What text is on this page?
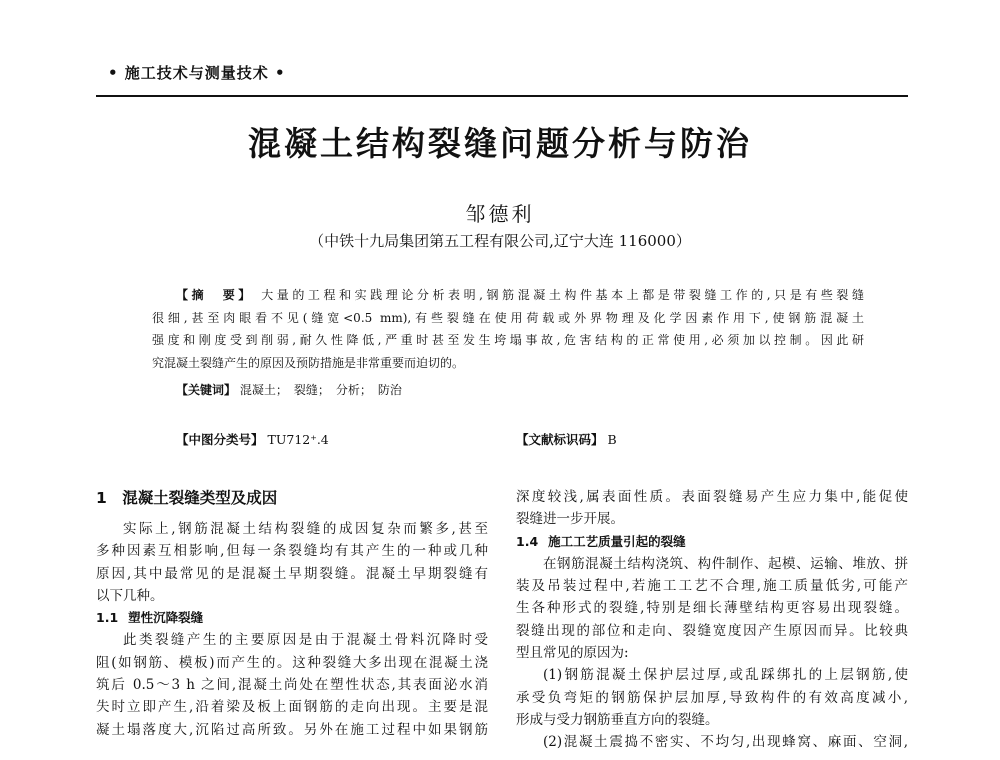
• 施工技术与测量技术 •
混凝土结构裂缝问题分析与防治
邹德利
（中铁十九局集团第五工程有限公司,辽宁大连 116000）
【摘　要】 大量的工程和实践理论分析表明,钢筋混凝土构件基本上都是带裂缝工作的,只是有些裂缝
很细,甚至肉眼看不见(缝宽<0.5 mm),有些裂缝在使用荷载或外界物理及化学因素作用下,使钢筋混凝土
强度和刚度受到削弱,耐久性降低,严重时甚至发生垮塌事故,危害结构的正常使用,必须加以控制。因此研
究混凝土裂缝产生的原因及预防措施是非常重要而迫切的。
【关键词】 混凝土；　裂缝；　分析；　防治
【中图分类号】 TU712⁺.4	【文献标识码】 B
1　混凝土裂缝类型及成因
实际上,钢筋混凝土结构裂缝的成因复杂而繁多,甚至
多种因素互相影响,但每一条裂缝均有其产生的一种或几种
原因,其中最常见的是混凝土早期裂缝。混凝土早期裂缝有
以下几种。
1.1 塑性沉降裂缝
此类裂缝产生的主要原因是由于混凝土骨料沉降时受
阻(如钢筋、模板)而产生的。这种裂缝大多出现在混凝土浇
筑后 0.5～3 h 之间,混凝土尚处在塑性状态,其表面泌水消
失时立即产生,沿着梁及板上面钢筋的走向出现。主要是混
凝土塌落度大,沉陷过高所致。另外在施工过程中如果钢筋
深度较浅,属表面性质。表面裂缝易产生应力集中,能促使
裂缝进一步开展。
1.4 施工工艺质量引起的裂缝
在钢筋混凝土结构浇筑、构件制作、起模、运输、堆放、拼
装及吊装过程中,若施工工艺不合理,施工质量低劣,可能产
生各种形式的裂缝,特别是细长薄壁结构更容易出现裂缝。
裂缝出现的部位和走向、裂缝宽度因产生原因而异。比较典
型且常见的原因为:
(1)钢筋混凝土保护层过厚,或乱踩绑扎的上层钢筋,使
承受负弯矩的钢筋保护层加厚,导致构件的有效高度减小,
形成与受力钢筋垂直方向的裂缝。
(2)混凝土震捣不密实、不均匀,出现蜂窝、麻面、空洞,
